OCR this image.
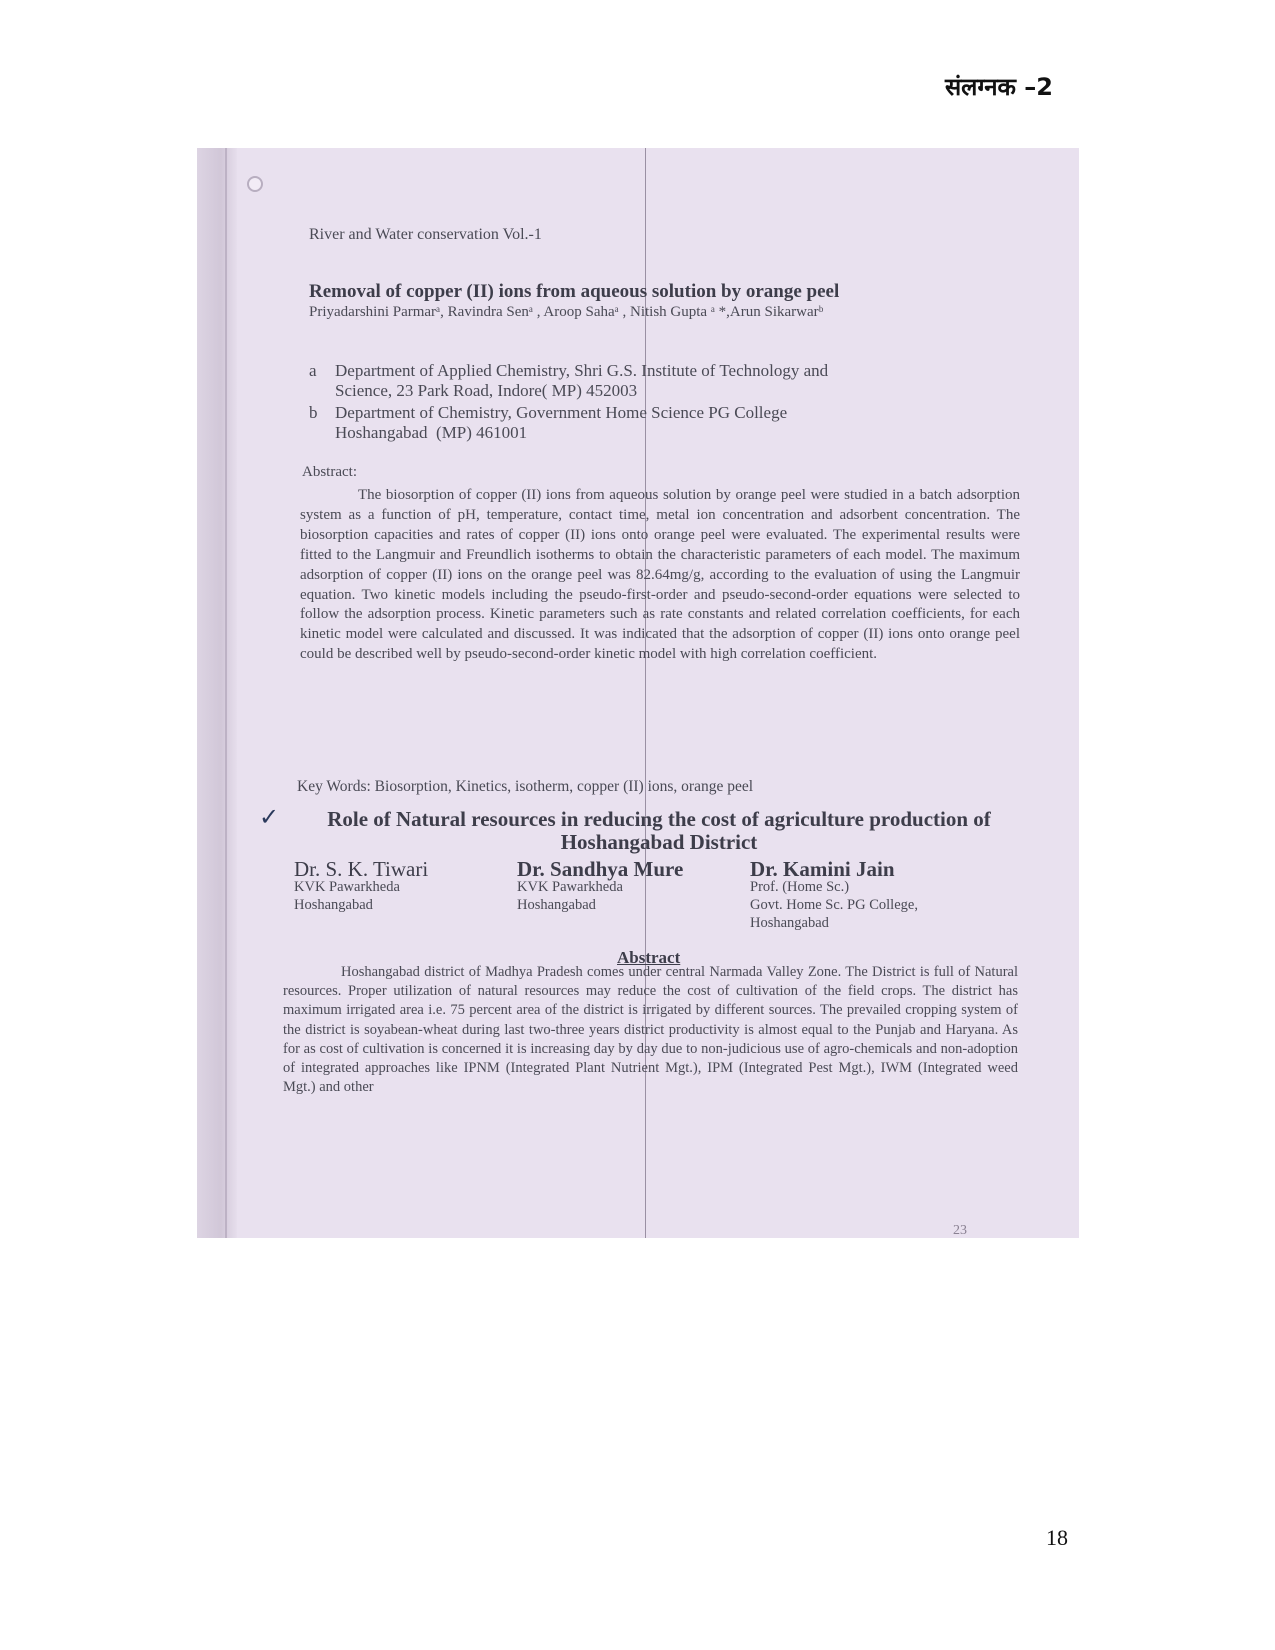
संलग्नक –2
River and Water conservation Vol.-1
Removal of copper (II) ions from aqueous solution by orange peel
Priyadarshini Parmarᵃ, Ravindra Senᵃ , Aroop Sahaᵃ , Nitish Gupta ᵃ *,Arun Sikarwarᵇ
a Department of Applied Chemistry, Shri G.S. Institute of Technology and
Science, 23 Park Road, Indore( MP) 452003
b Department of Chemistry, Government Home Science PG College
Hoshangabad  (MP) 461001
Abstract:
The biosorption of copper (II) ions from aqueous solution by orange peel were studied in a batch adsorption system as a function of pH, temperature, contact time, metal ion concentration and adsorbent concentration. The biosorption capacities and rates of copper (II) ions onto orange peel were evaluated. The experimental results were fitted to the Langmuir and Freundlich isotherms to obtain the characteristic parameters of each model. The maximum adsorption of copper (II) ions on the orange peel was 82.64mg/g, according to the evaluation of using the Langmuir equation. Two kinetic models including the pseudo-first-order and pseudo-second-order equations were selected to follow the adsorption process. Kinetic parameters such as rate constants and related correlation coefficients, for each kinetic model were calculated and discussed. It was indicated that the adsorption of copper (II) ions onto orange peel could be described well by pseudo-second-order kinetic model with high correlation coefficient.
Key Words: Biosorption, Kinetics, isotherm, copper (II) ions, orange peel
✓	Role of Natural resources in reducing the cost of agriculture production of Hoshangabad District
Dr. S. K. Tiwari
KVK Pawarkheda
Hoshangabad
Dr. Sandhya Mure
KVK Pawarkheda
Hoshangabad
Dr. Kamini Jain
Prof. (Home Sc.)
Govt. Home Sc. PG College,
Hoshangabad
Abstract
Hoshangabad district of Madhya Pradesh comes under central Narmada Valley Zone. The District is full of Natural resources. Proper utilization of natural resources may reduce the cost of cultivation of the field crops. The district has maximum irrigated area i.e. 75 percent area of the district is irrigated by different sources. The prevailed cropping system of the district is soyabean-wheat during last two-three years district productivity is almost equal to the Punjab and Haryana. As for as cost of cultivation is concerned it is increasing day by day due to non-judicious use of agro-chemicals and non-adoption of integrated approaches like IPNM (Integrated Plant Nutrient Mgt.), IPM (Integrated Pest Mgt.), IWM (Integrated weed Mgt.) and other
23
18
